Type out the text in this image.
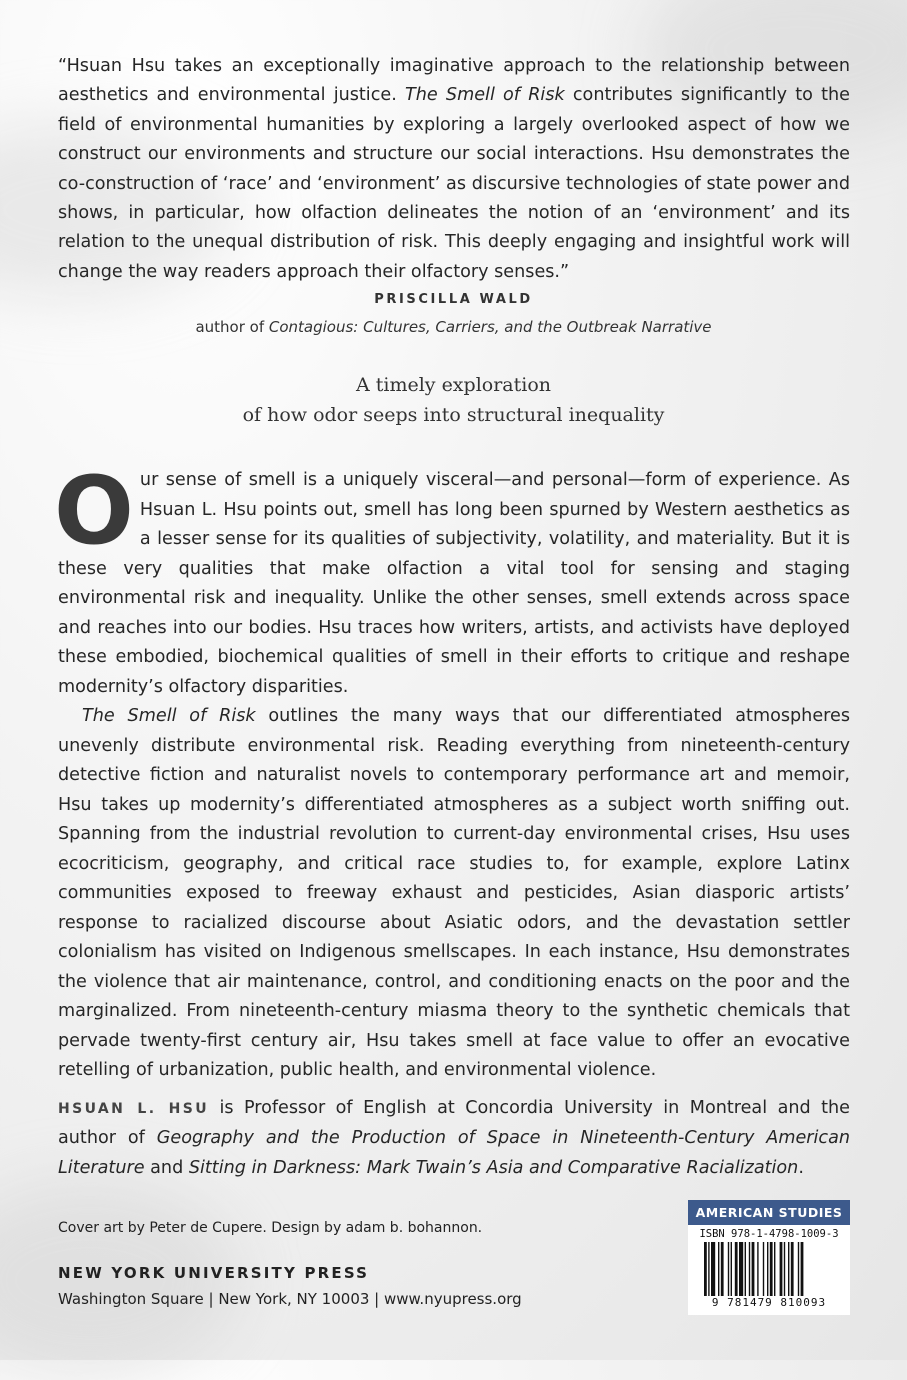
“Hsuan Hsu takes an exceptionally imaginative approach to the relationship between aesthetics and environmental justice. The Smell of Risk contributes significantly to the field of environmental humanities by exploring a largely overlooked aspect of how we construct our environments and structure our social interactions. Hsu demonstrates the co-construction of ‘race’ and ‘environment’ as discursive technologies of state power and shows, in particular, how olfaction delineates the notion of an ‘environment’ and its relation to the unequal distribution of risk. This deeply engaging and insightful work will change the way readers approach their olfactory senses.”
PRISCILLA WALD
author of Contagious: Cultures, Carriers, and the Outbreak Narrative
A timely exploration
of how odor seeps into structural inequality

Our sense of smell is a uniquely visceral—and personal—form of experience. As Hsuan L. Hsu points out, smell has long been spurned by Western aesthetics as a lesser sense for its qualities of subjectivity, volatility, and materiality. But it is these very qualities that make olfaction a vital tool for sensing and staging environmental risk and inequality. Unlike the other senses, smell extends across space and reaches into our bodies. Hsu traces how writers, artists, and activists have deployed these embodied, biochemical qualities of smell in their efforts to critique and reshape modernity’s olfactory disparities.

The Smell of Risk outlines the many ways that our differentiated atmospheres unevenly distribute environmental risk. Reading everything from nineteenth-century detective fiction and naturalist novels to contemporary performance art and memoir, Hsu takes up modernity’s differentiated atmospheres as a subject worth sniffing out. Spanning from the industrial revolution to current-day environmental crises, Hsu uses ecocriticism, geography, and critical race studies to, for example, explore Latinx communities exposed to freeway exhaust and pesticides, Asian diasporic artists’ response to racialized discourse about Asiatic odors, and the devastation settler colonialism has visited on Indigenous smellscapes. In each instance, Hsu demonstrates the violence that air maintenance, control, and conditioning enacts on the poor and the marginalized. From nineteenth-century miasma theory to the synthetic chemicals that pervade twenty-first century air, Hsu takes smell at face value to offer an evocative retelling of urbanization, public health, and environmental violence.

HSUAN L. HSU is Professor of English at Concordia University in Montreal and the author of Geography and the Production of Space in Nineteenth-Century American Literature and Sitting in Darkness: Mark Twain’s Asia and Comparative Racialization.

Cover art by Peter de Cupere. Design by adam b. bohannon.
NEW YORK UNIVERSITY PRESS
Washington Square | New York, NY 10003 | www.nyupress.org
AMERICAN STUDIES
ISBN 978-1-4798-1009-3
9 781479 810093
